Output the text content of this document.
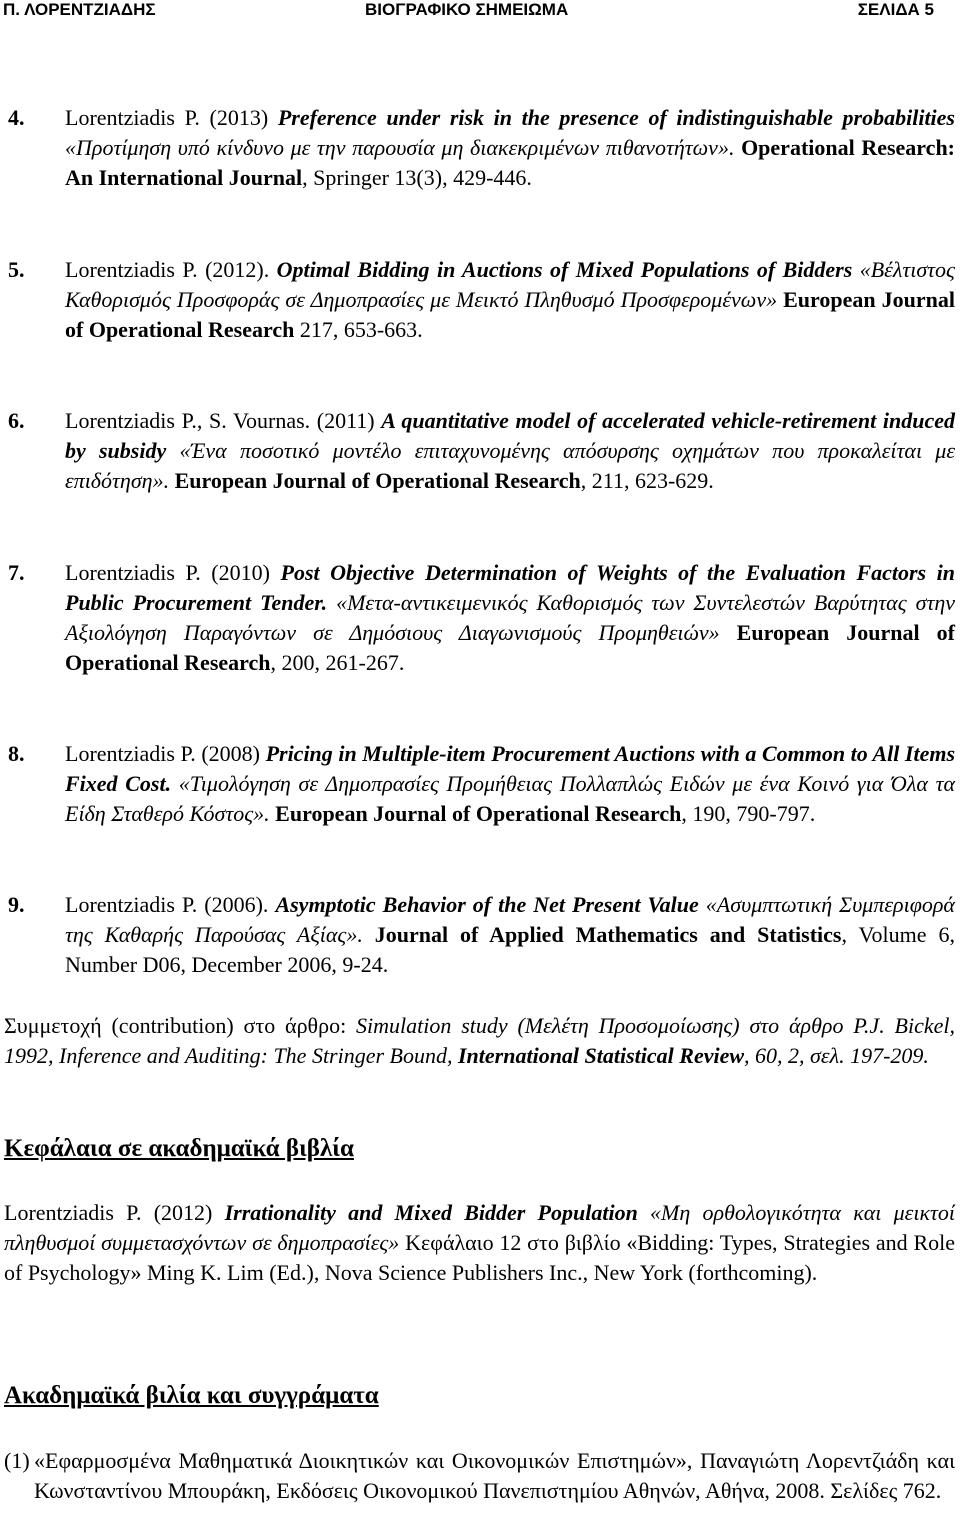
Π. ΛΟΡΕΝΤΖΙΑΔΗΣ	ΒΙΟΓΡΑΦΙΚΟ ΣΗΜΕΙΩΜΑ	ΣΕΛΙΔΑ 5
4. Lorentziadis P. (2013) Preference under risk in the presence of indistinguishable probabilities «Προτίμηση υπό κίνδυνο με την παρουσία μη διακεκριμένων πιθανοτήτων». Operational Research: An International Journal, Springer 13(3), 429-446.
5. Lorentziadis P. (2012). Optimal Bidding in Auctions of Mixed Populations of Bidders «Βέλτιστος Καθορισμός Προσφοράς σε Δημοπρασίες με Μεικτό Πληθυσμό Προσφερομένων» European Journal of Operational Research 217, 653-663.
6. Lorentziadis P., S. Vournas. (2011) A quantitative model of accelerated vehicle-retirement induced by subsidy «Ένα ποσοτικό μοντέλο επιταχυνομένης απόσυρσης οχημάτων που προκαλείται με επιδότηση». European Journal of Operational Research, 211, 623-629.
7. Lorentziadis P. (2010) Post Objective Determination of Weights of the Evaluation Factors in Public Procurement Tender. «Μετα-αντικειμενικός Καθορισμός των Συντελεστών Βαρύτητας στην Αξιολόγηση Παραγόντων σε Δημόσιους Διαγωνισμούς Προμηθειών» European Journal of Operational Research, 200, 261-267.
8. Lorentziadis P. (2008) Pricing in Multiple-item Procurement Auctions with a Common to All Items Fixed Cost. «Τιμολόγηση σε Δημοπρασίες Προμήθειας Πολλαπλώς Ειδών με ένα Κοινό για Όλα τα Είδη Σταθερό Κόστος». European Journal of Operational Research, 190, 790-797.
9. Lorentziadis P. (2006). Asymptotic Behavior of the Net Present Value «Ασυμπτωτική Συμπεριφορά της Καθαρής Παρούσας Αξίας». Journal of Applied Mathematics and Statistics, Volume 6, Number D06, December 2006, 9-24.
Συμμετοχή (contribution) στο άρθρο: Simulation study (Μελέτη Προσομοίωσης) στο άρθρο P.J. Bickel, 1992, Inference and Auditing: The Stringer Bound, International Statistical Review, 60, 2, σελ. 197-209.
Κεφάλαια σε ακαδημαϊκά βιβλία
Lorentziadis P. (2012) Irrationality and Mixed Bidder Population «Μη ορθολογικότητα και μεικτοί πληθυσμοί συμμετασχόντων σε δημοπρασίες» Κεφάλαιο 12 στο βιβλίο «Bidding: Types, Strategies and Role of Psychology» Ming K. Lim (Ed.), Nova Science Publishers Inc., New York (forthcoming).
Ακαδημαϊκά βιλία και συγγράματα
(1) «Εφαρμοσμένα Μαθηματικά Διοικητικών και Οικονομικών Επιστημών», Παναγιώτη Λορεντζιάδη και Κωνσταντίνου Μπουράκη, Εκδόσεις Οικονομικού Πανεπιστημίου Αθηνών, Αθήνα, 2008. Σελίδες 762.
